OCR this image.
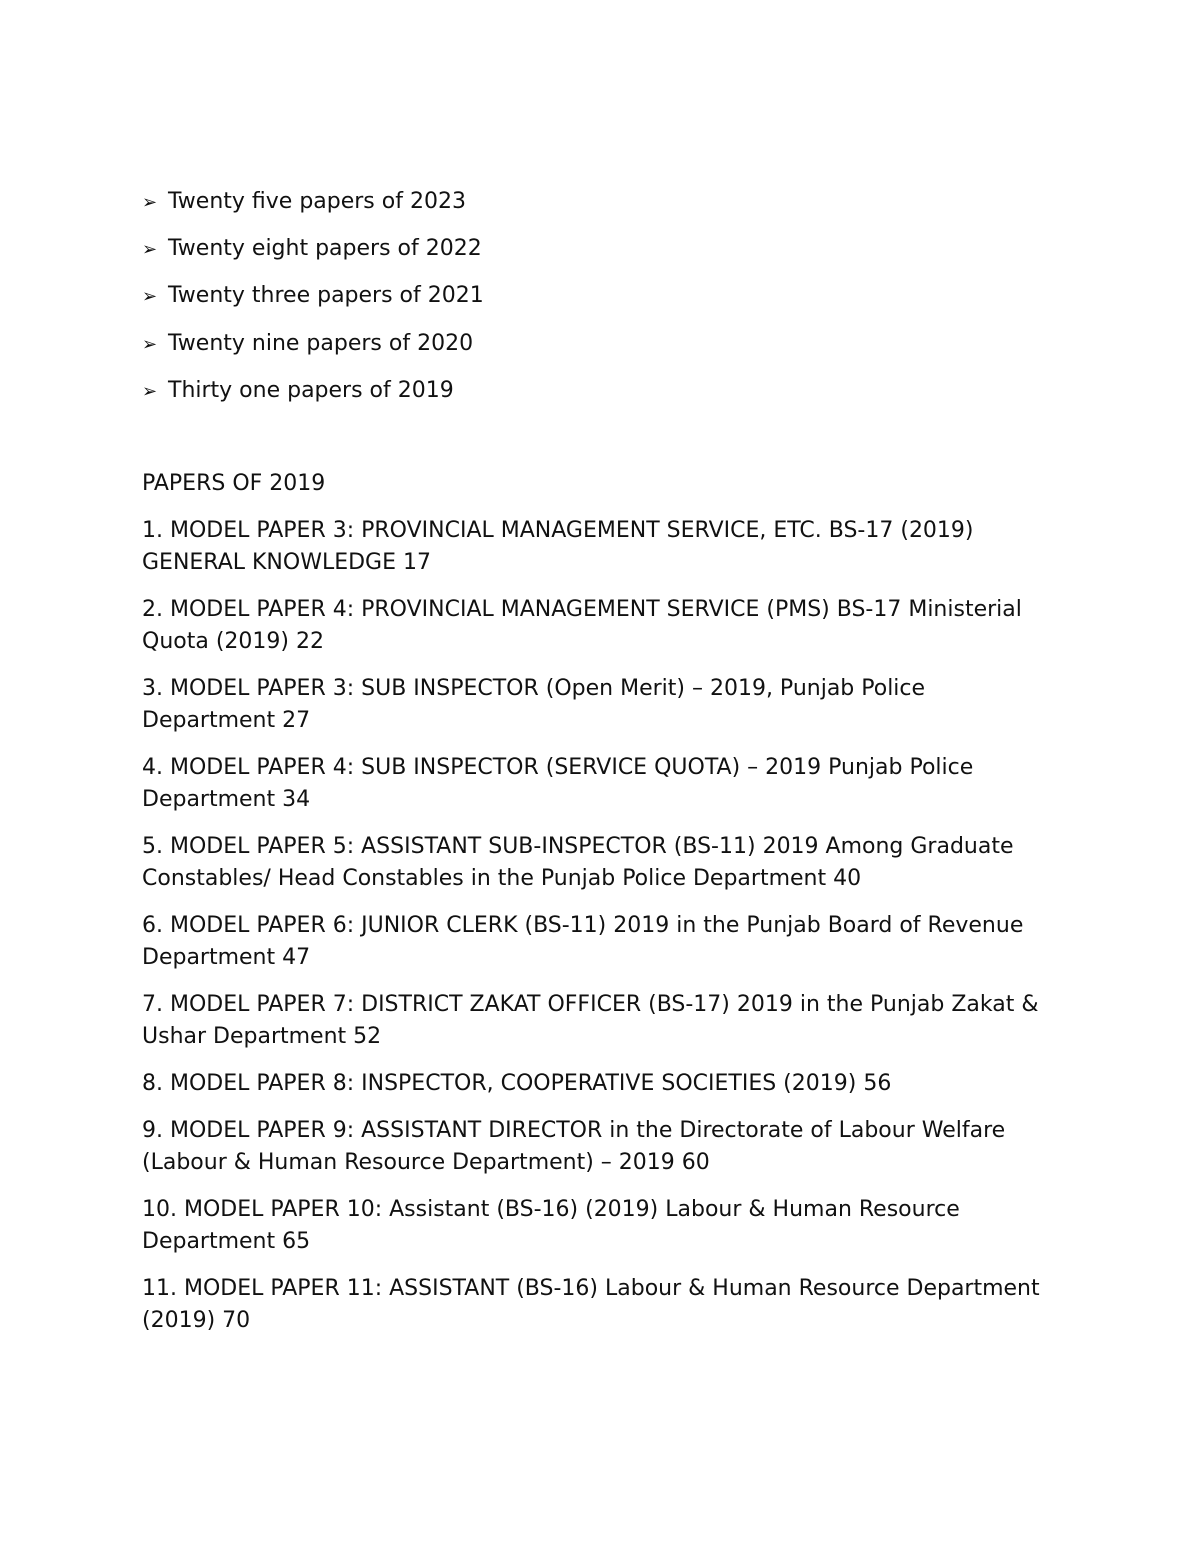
➢ Twenty five papers of 2023
➢ Twenty eight papers of 2022
➢ Twenty three papers of 2021
➢ Twenty nine papers of 2020
➢ Thirty one papers of 2019
PAPERS OF 2019
1. MODEL PAPER 3: PROVINCIAL MANAGEMENT SERVICE, ETC. BS-17 (2019) GENERAL KNOWLEDGE 17
2. MODEL PAPER 4: PROVINCIAL MANAGEMENT SERVICE (PMS) BS-17 Ministerial Quota (2019) 22
3. MODEL PAPER 3: SUB INSPECTOR (Open Merit) – 2019, Punjab Police Department 27
4. MODEL PAPER 4: SUB INSPECTOR (SERVICE QUOTA) – 2019 Punjab Police Department 34
5. MODEL PAPER 5: ASSISTANT SUB-INSPECTOR (BS-11) 2019 Among Graduate Constables/ Head Constables in the Punjab Police Department 40
6. MODEL PAPER 6: JUNIOR CLERK (BS-11) 2019 in the Punjab Board of Revenue Department 47
7. MODEL PAPER 7: DISTRICT ZAKAT OFFICER (BS-17) 2019 in the Punjab Zakat & Ushar Department 52
8. MODEL PAPER 8: INSPECTOR, COOPERATIVE SOCIETIES (2019) 56
9. MODEL PAPER 9: ASSISTANT DIRECTOR in the Directorate of Labour Welfare (Labour & Human Resource Department) – 2019 60
10. MODEL PAPER 10: Assistant (BS-16) (2019) Labour & Human Resource Department 65
11. MODEL PAPER 11: ASSISTANT (BS-16) Labour & Human Resource Department (2019) 70
